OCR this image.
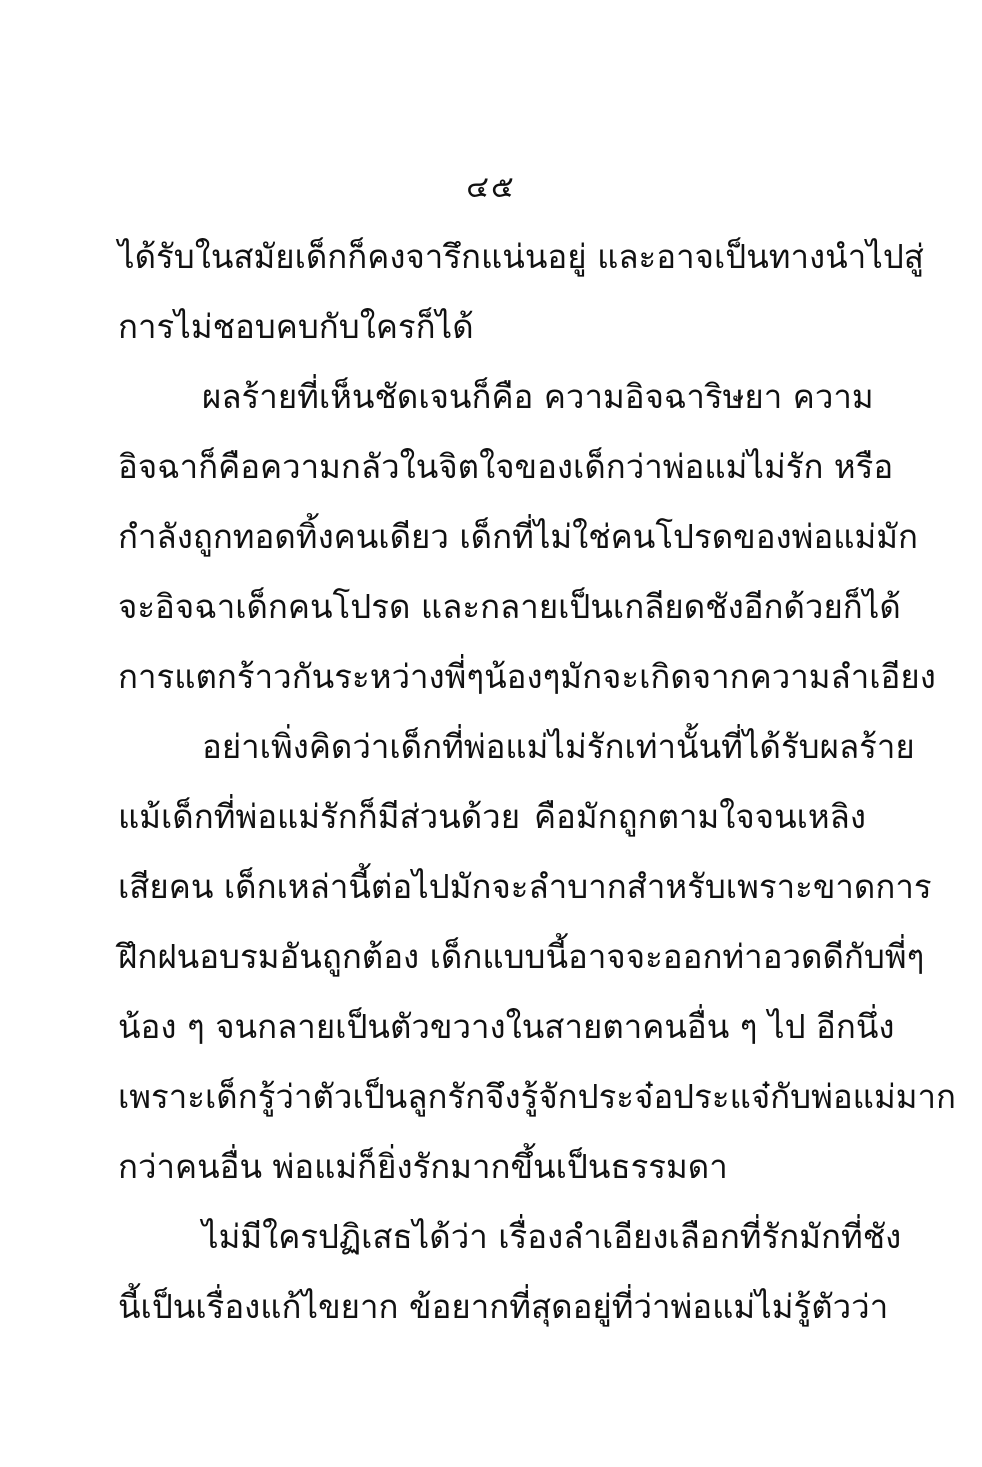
๔๕
ได้รับในสมัยเด็กก็คงจารึกแน่นอยู่ และอาจเป็นทางนำไปสู่
การไม่ชอบคบกับใครก็ได้
ผลร้ายที่เห็นชัดเจนก็คือ ความอิจฉาริษยา ความ
อิจฉาก็คือความกลัวในจิตใจของเด็กว่าพ่อแม่ไม่รัก หรือ
กำลังถูกทอดทิ้งคนเดียว เด็กที่ไม่ใช่คนโปรดของพ่อแม่มัก
จะอิจฉาเด็กคนโปรด และกลายเป็นเกลียดชังอีกด้วยก็ได้
การแตกร้าวกันระหว่างพี่ๆน้องๆมักจะเกิดจากความลำเอียง
อย่าเพิ่งคิดว่าเด็กที่พ่อแม่ไม่รักเท่านั้นที่ได้รับผลร้าย
แม้เด็กที่พ่อแม่รักก็มีส่วนด้วย คือมักถูกตามใจจนเหลิง
เสียคน เด็กเหล่านี้ต่อไปมักจะลำบากสำหรับเพราะขาดการ
ฝึกฝนอบรมอันถูกต้อง เด็กแบบนี้อาจจะออกท่าอวดดีกับพี่ๆ
น้อง ๆ จนกลายเป็นตัวขวางในสายตาคนอื่น ๆ ไป อีกนึ่ง
เพราะเด็กรู้ว่าตัวเป็นลูกรักจึงรู้จักประจ๋อประแจ๋กับพ่อแม่มาก
กว่าคนอื่น พ่อแม่ก็ยิ่งรักมากขึ้นเป็นธรรมดา
ไม่มีใครปฏิเสธได้ว่า เรื่องลำเอียงเลือกที่รักมักที่ชัง
นี้เป็นเรื่องแก้ไขยาก ข้อยากที่สุดอยู่ที่ว่าพ่อแม่ไม่รู้ตัวว่า
